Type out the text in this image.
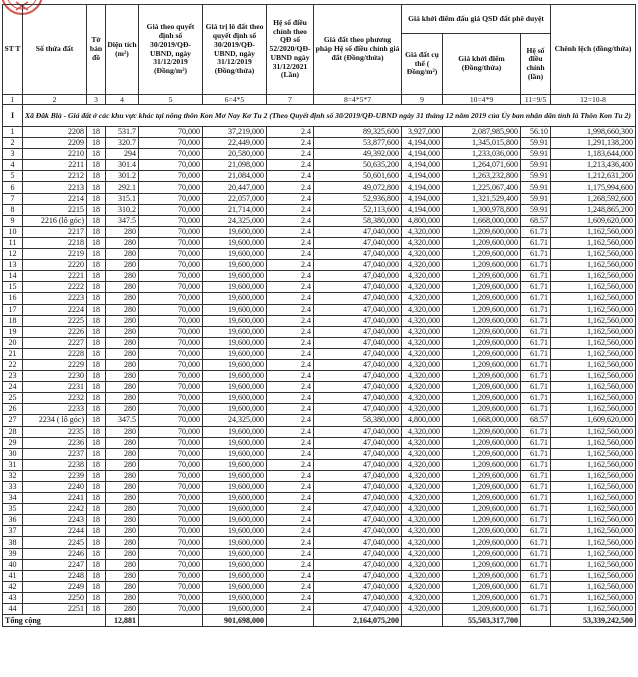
ST T	Số thửa đất	Tờ bản đồ	Diện tích (m²)	Giá theo quyết định số 30/2019/QĐ-UBND, ngày 31/12/2019 (Đồng/m²)	Giá trị lô đất theo quyết định số 30/2019/QĐ-UBND, ngày 31/12/2019 (Đồng/thửa)	Hệ số điều chỉnh theo QĐ số 52/2020/QĐ-UBND ngày 31/12/2021 (Lần)	Giá đất theo phương pháp Hệ số điều chỉnh giá đất (Đồng/thửa)	Giá khởi điểm đấu giá QSD đất phê duyệt			Chênh lệch (đồng/thửa)
								Giá đất cụ thể ( Đồng/m²)	Giá khởi điểm (Đồng/thửa)	Hệ số điều chỉnh (lần)	
1	2	3	4	5	6=4*5	7	8=4*5*7	9	10=4*9	11=9/5	12=10-8
I	Xã Đăk Blà - Giá đất ở các khu vực khác tại nông thôn Kon Mơ Nay Kơ Tu 2 (Theo Quyết định số 30/2019/QĐ-UBND ngày 31 tháng 12 năm 2019 của Ủy ban nhân dân tỉnh là Thôn Kon Tu 2)										
1	2208	18	531.7	70,000	37,219,000	2.4	89,325,600	3,927,000	2,087,985,900	56.10	1,998,660,300
2	2209	18	320.7	70,000	22,449,000	2.4	53,877,600	4,194,000	1,345,015,800	59.91	1,291,138,200
3	2210	18	294	70,000	20,580,000	2.4	49,392,000	4,194,000	1,233,036,000	59.91	1,183,644,000
4	2211	18	301.4	70,000	21,098,000	2.4	50,635,200	4,194,000	1,264,071,600	59.91	1,213,436,400
5	2212	18	301.2	70,000	21,084,000	2.4	50,601,600	4,194,000	1,263,232,800	59.91	1,212,631,200
6	2213	18	292.1	70,000	20,447,000	2.4	49,072,800	4,194,000	1,225,067,400	59.91	1,175,994,600
7	2214	18	315.1	70,000	22,057,000	2.4	52,936,800	4,194,000	1,321,529,400	59.91	1,268,592,600
8	2215	18	310.2	70,000	21,714,000	2.4	52,113,600	4,194,000	1,300,978,800	59.91	1,248,865,200
9	2216 (lô góc)	18	347.5	70,000	24,325,000	2.4	58,380,000	4,800,000	1,668,000,000	68.57	1,609,620,000
10	2217	18	280	70,000	19,600,000	2.4	47,040,000	4,320,000	1,209,600,000	61.71	1,162,560,000
11	2218	18	280	70,000	19,600,000	2.4	47,040,000	4,320,000	1,209,600,000	61.71	1,162,560,000
12	2219	18	280	70,000	19,600,000	2.4	47,040,000	4,320,000	1,209,600,000	61.71	1,162,560,000
13	2220	18	280	70,000	19,600,000	2.4	47,040,000	4,320,000	1,209,600,000	61.71	1,162,560,000
14	2221	18	280	70,000	19,600,000	2.4	47,040,000	4,320,000	1,209,600,000	61.71	1,162,560,000
15	2222	18	280	70,000	19,600,000	2.4	47,040,000	4,320,000	1,209,600,000	61.71	1,162,560,000
16	2223	18	280	70,000	19,600,000	2.4	47,040,000	4,320,000	1,209,600,000	61.71	1,162,560,000
17	2224	18	280	70,000	19,600,000	2.4	47,040,000	4,320,000	1,209,600,000	61.71	1,162,560,000
18	2225	18	280	70,000	19,600,000	2.4	47,040,000	4,320,000	1,209,600,000	61.71	1,162,560,000
19	2226	18	280	70,000	19,600,000	2.4	47,040,000	4,320,000	1,209,600,000	61.71	1,162,560,000
20	2227	18	280	70,000	19,600,000	2.4	47,040,000	4,320,000	1,209,600,000	61.71	1,162,560,000
21	2228	18	280	70,000	19,600,000	2.4	47,040,000	4,320,000	1,209,600,000	61.71	1,162,560,000
22	2229	18	280	70,000	19,600,000	2.4	47,040,000	4,320,000	1,209,600,000	61.71	1,162,560,000
23	2230	18	280	70,000	19,600,000	2.4	47,040,000	4,320,000	1,209,600,000	61.71	1,162,560,000
24	2231	18	280	70,000	19,600,000	2.4	47,040,000	4,320,000	1,209,600,000	61.71	1,162,560,000
25	2232	18	280	70,000	19,600,000	2.4	47,040,000	4,320,000	1,209,600,000	61.71	1,162,560,000
26	2233	18	280	70,000	19,600,000	2.4	47,040,000	4,320,000	1,209,600,000	61.71	1,162,560,000
27	2234 ( lô góc)	18	347.5	70,000	24,325,000	2.4	58,380,000	4,800,000	1,668,000,000	68.57	1,609,620,000
28	2235	18	280	70,000	19,600,000	2.4	47,040,000	4,320,000	1,209,600,000	61.71	1,162,560,000
29	2236	18	280	70,000	19,600,000	2.4	47,040,000	4,320,000	1,209,600,000	61.71	1,162,560,000
30	2237	18	280	70,000	19,600,000	2.4	47,040,000	4,320,000	1,209,600,000	61.71	1,162,560,000
31	2238	18	280	70,000	19,600,000	2.4	47,040,000	4,320,000	1,209,600,000	61.71	1,162,560,000
32	2239	18	280	70,000	19,600,000	2.4	47,040,000	4,320,000	1,209,600,000	61.71	1,162,560,000
33	2240	18	280	70,000	19,600,000	2.4	47,040,000	4,320,000	1,209,600,000	61.71	1,162,560,000
34	2241	18	280	70,000	19,600,000	2.4	47,040,000	4,320,000	1,209,600,000	61.71	1,162,560,000
35	2242	18	280	70,000	19,600,000	2.4	47,040,000	4,320,000	1,209,600,000	61.71	1,162,560,000
36	2243	18	280	70,000	19,600,000	2.4	47,040,000	4,320,000	1,209,600,000	61.71	1,162,560,000
37	2244	18	280	70,000	19,600,000	2.4	47,040,000	4,320,000	1,209,600,000	61.71	1,162,560,000
38	2245	18	280	70,000	19,600,000	2.4	47,040,000	4,320,000	1,209,600,000	61.71	1,162,560,000
39	2246	18	280	70,000	19,600,000	2.4	47,040,000	4,320,000	1,209,600,000	61.71	1,162,560,000
40	2247	18	280	70,000	19,600,000	2.4	47,040,000	4,320,000	1,209,600,000	61.71	1,162,560,000
41	2248	18	280	70,000	19,600,000	2.4	47,040,000	4,320,000	1,209,600,000	61.71	1,162,560,000
42	2249	18	280	70,000	19,600,000	2.4	47,040,000	4,320,000	1,209,600,000	61.71	1,162,560,000
43	2250	18	280	70,000	19,600,000	2.4	47,040,000	4,320,000	1,209,600,000	61.71	1,162,560,000
44	2251	18	280	70,000	19,600,000	2.4	47,040,000	4,320,000	1,209,600,000	61.71	1,162,560,000
Tổng cộng			12,881		901,698,000		2,164,075,200		55,503,317,700		53,339,242,500
